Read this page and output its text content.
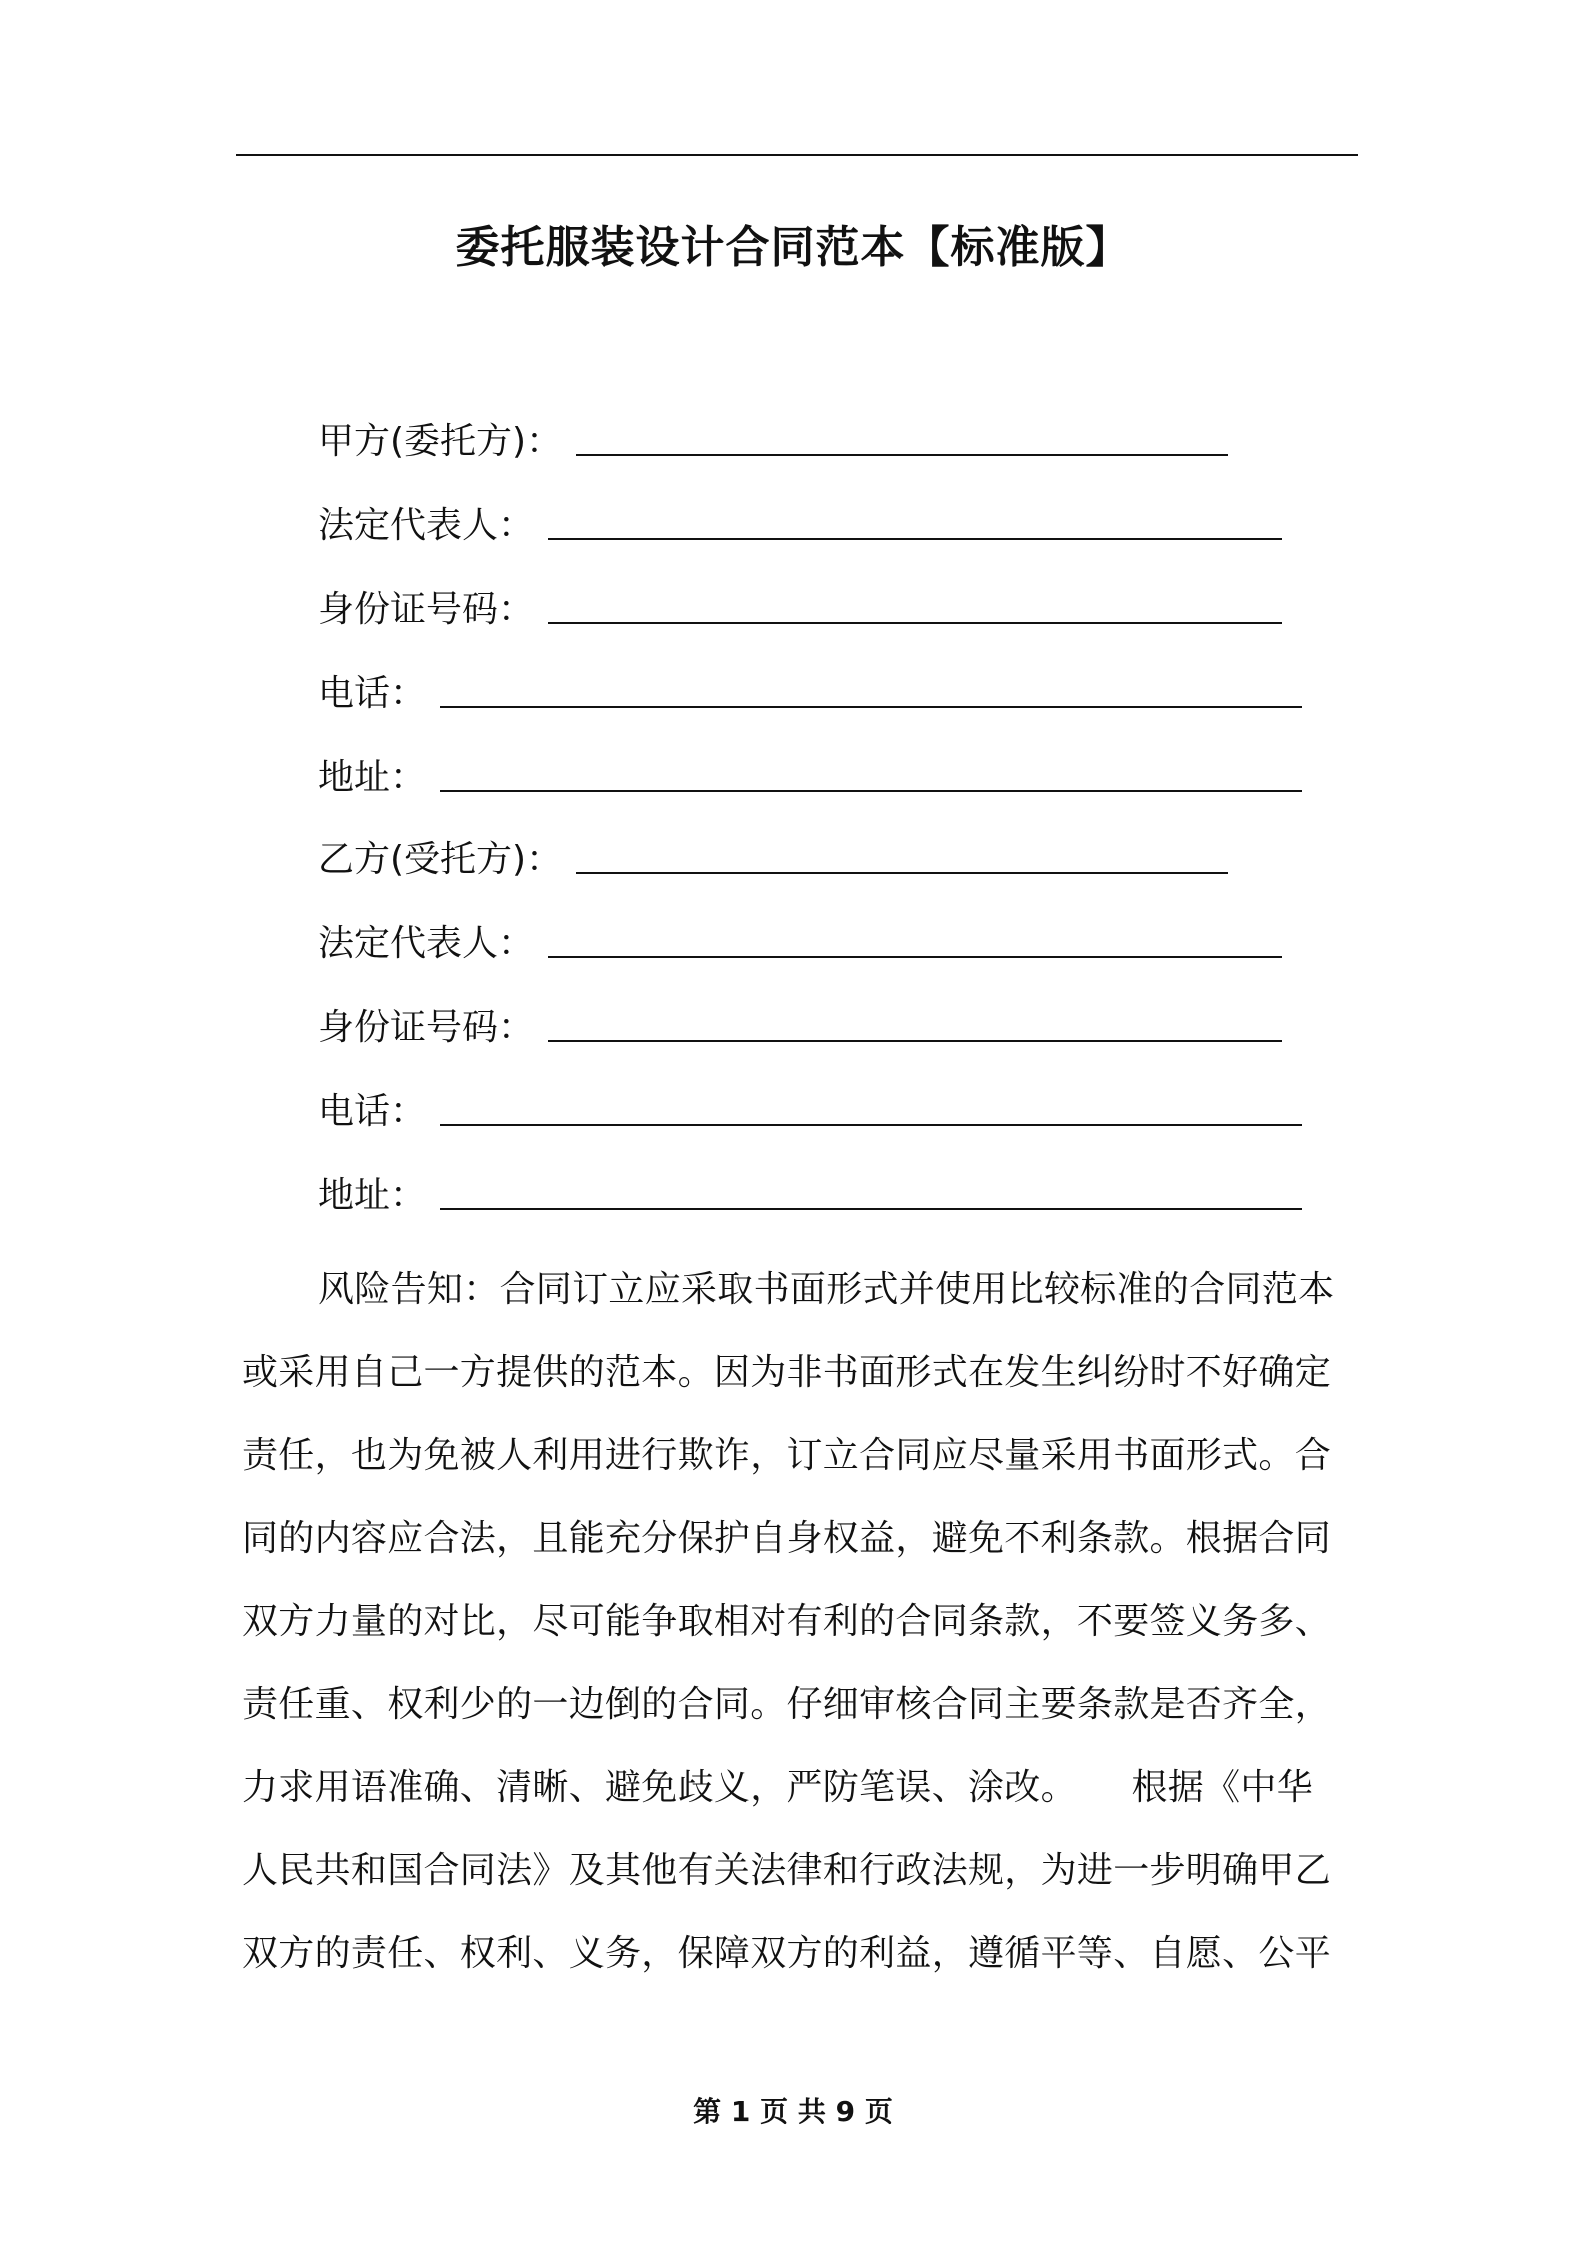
委托服装设计合同范本【标准版】
甲方(委托方)：
法定代表人：
身份证号码：
电话：
地址：
乙方(受托方)：
法定代表人：
身份证号码：
电话：
地址：
风险告知：合同订立应采取书面形式并使用比较标准的合同范本
或采用自己一方提供的范本。因为非书面形式在发生纠纷时不好确定
责任，也为免被人利用进行欺诈，订立合同应尽量采用书面形式。合
同的内容应合法，且能充分保护自身权益，避免不利条款。根据合同
双方力量的对比，尽可能争取相对有利的合同条款，不要签义务多、
责任重、权利少的一边倒的合同。仔细审核合同主要条款是否齐全，
力求用语准确、清晰、避免歧义，严防笔误、涂改。　　根据《中华
人民共和国合同法》及其他有关法律和行政法规，为进一步明确甲乙
双方的责任、权利、义务，保障双方的利益，遵循平等、自愿、公平
第 1 页 共 9 页
